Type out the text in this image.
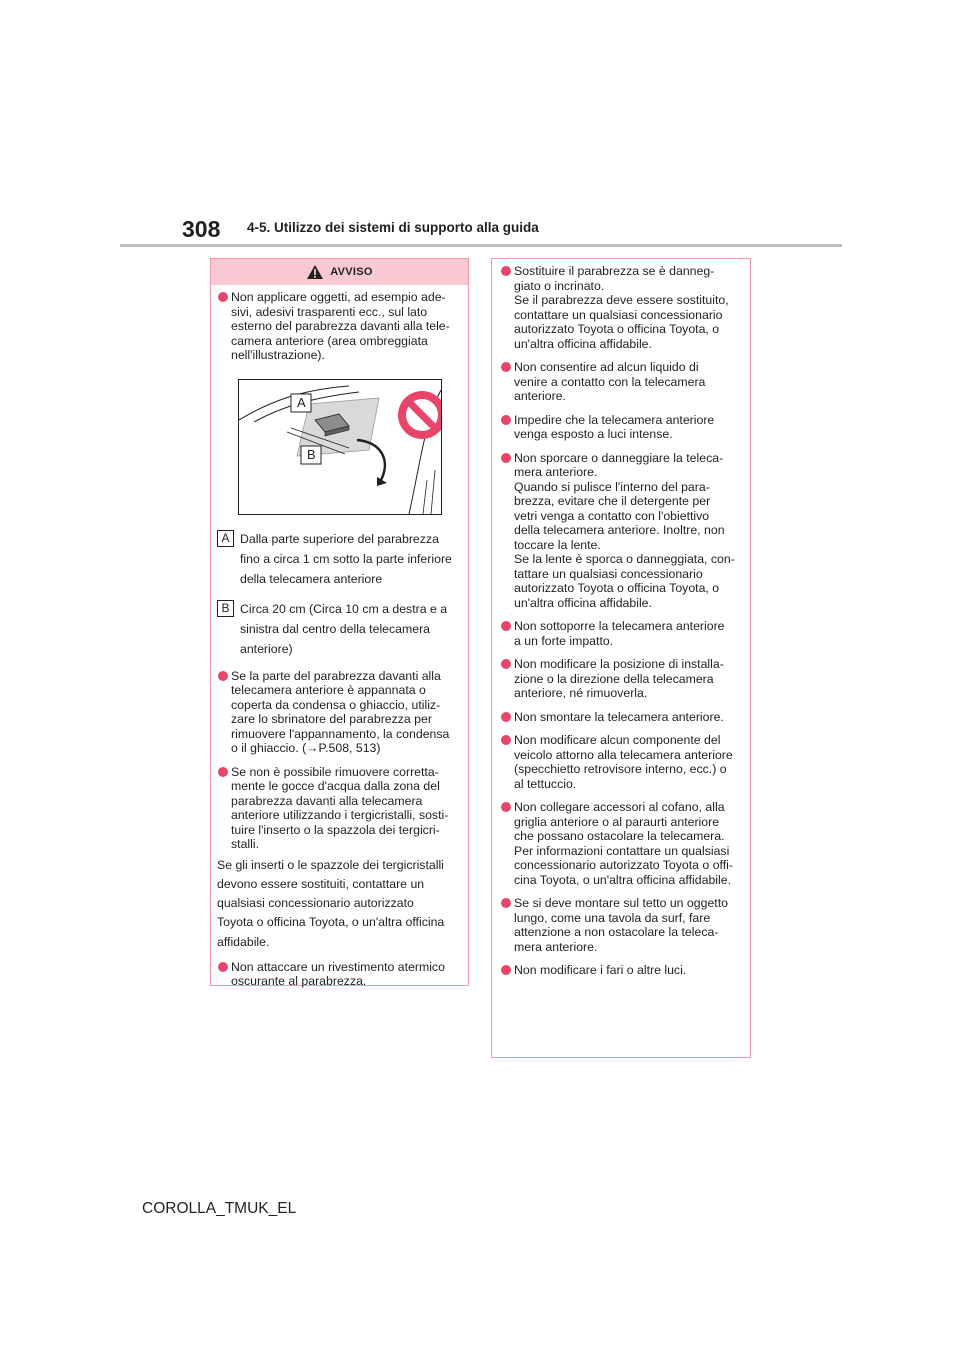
308 4-5. Utilizzo dei sistemi di supporto alla guida
AVVISO
Non applicare oggetti, ad esempio ade-
sivi, adesivi trasparenti ecc., sul lato
esterno del parabrezza davanti alla tele-
camera anteriore (area ombreggiata
nell'illustrazione).
A
B
A Dalla parte superiore del parabrezza
fino a circa 1 cm sotto la parte inferiore
della telecamera anteriore
B Circa 20 cm (Circa 10 cm a destra e a
sinistra dal centro della telecamera
anteriore)
Se la parte del parabrezza davanti alla
telecamera anteriore è appannata o
coperta da condensa o ghiaccio, utiliz-
zare lo sbrinatore del parabrezza per
rimuovere l'appannamento, la condensa
o il ghiaccio. (→P.508, 513)
Se non è possibile rimuovere corretta-
mente le gocce d'acqua dalla zona del
parabrezza davanti alla telecamera
anteriore utilizzando i tergicristalli, sosti-
tuire l'inserto o la spazzola dei tergicri-
stalli.
Se gli inserti o le spazzole dei tergicristalli
devono essere sostituiti, contattare un
qualsiasi concessionario autorizzato
Toyota o officina Toyota, o un'altra officina
affidabile.
Non attaccare un rivestimento atermico
oscurante al parabrezza.
Sostituire il parabrezza se è danneg-
giato o incrinato.
Se il parabrezza deve essere sostituito,
contattare un qualsiasi concessionario
autorizzato Toyota o officina Toyota, o
un'altra officina affidabile.
Non consentire ad alcun liquido di
venire a contatto con la telecamera
anteriore.
Impedire che la telecamera anteriore
venga esposto a luci intense.
Non sporcare o danneggiare la teleca-
mera anteriore.
Quando si pulisce l'interno del para-
brezza, evitare che il detergente per
vetri venga a contatto con l'obiettivo
della telecamera anteriore. Inoltre, non
toccare la lente.
Se la lente è sporca o danneggiata, con-
tattare un qualsiasi concessionario
autorizzato Toyota o officina Toyota, o
un'altra officina affidabile.
Non sottoporre la telecamera anteriore
a un forte impatto.
Non modificare la posizione di installa-
zione o la direzione della telecamera
anteriore, né rimuoverla.
Non smontare la telecamera anteriore.
Non modificare alcun componente del
veicolo attorno alla telecamera anteriore
(specchietto retrovisore interno, ecc.) o
al tettuccio.
Non collegare accessori al cofano, alla
griglia anteriore o al paraurti anteriore
che possano ostacolare la telecamera.
Per informazioni contattare un qualsiasi
concessionario autorizzato Toyota o offi-
cina Toyota, o un'altra officina affidabile.
Se si deve montare sul tetto un oggetto
lungo, come una tavola da surf, fare
attenzione a non ostacolare la teleca-
mera anteriore.
Non modificare i fari o altre luci.
COROLLA_TMUK_EL
